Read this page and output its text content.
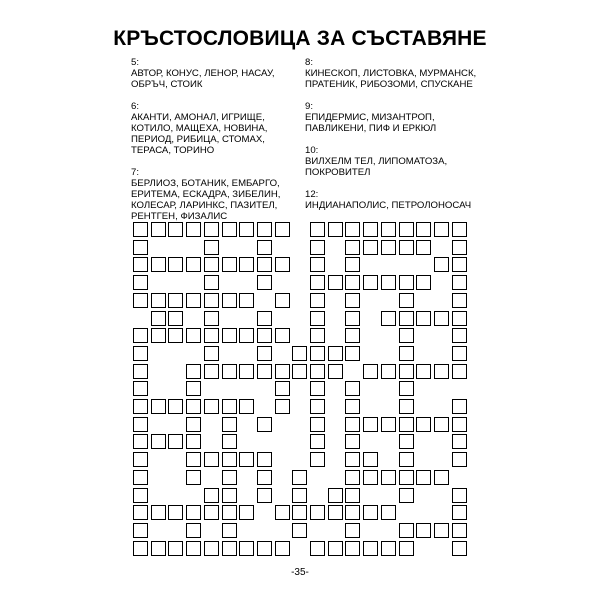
КРЪСТОСЛОВИЦА ЗА СЪСТАВЯНЕ
5:
АВТОР, КОНУС, ЛЕНОР, НАСАУ, ОБРЪЧ, СТОИК
6:
АКАНТИ, АМОНАЛ, ИГРИЩЕ, КОТИЛО, МАЩЕХА, НОВИНА, ПЕРИОД, РИБИЦА, СТОМАХ, ТЕРАСА, ТОРИНО
7:
БЕРЛИОЗ, БОТАНИК, ЕМБАРГО, ЕРИТЕМА, ЕСКАДРА, ЗИБЕЛИН, КОЛЕСАР, ЛАРИНКС, ПАЗИТЕЛ, РЕНТГЕН, ФИЗАЛИС
8:
КИНЕСКОП, ЛИСТОВКА, МУРМАНСК, ПРАТЕНИК, РИБОЗОМИ, СПУСКАНЕ
9:
ЕПИДЕРМИС, МИЗАНТРОП, ПАВЛИКЕНИ, ПИФ И ЕРКЮЛ
10:
ВИЛХЕЛМ ТЕЛ, ЛИПОМАТОЗА, ПОКРОВИТЕЛ
12:
ИНДИАНАПОЛИС, ПЕТРОЛОНОСАЧ
-35-
